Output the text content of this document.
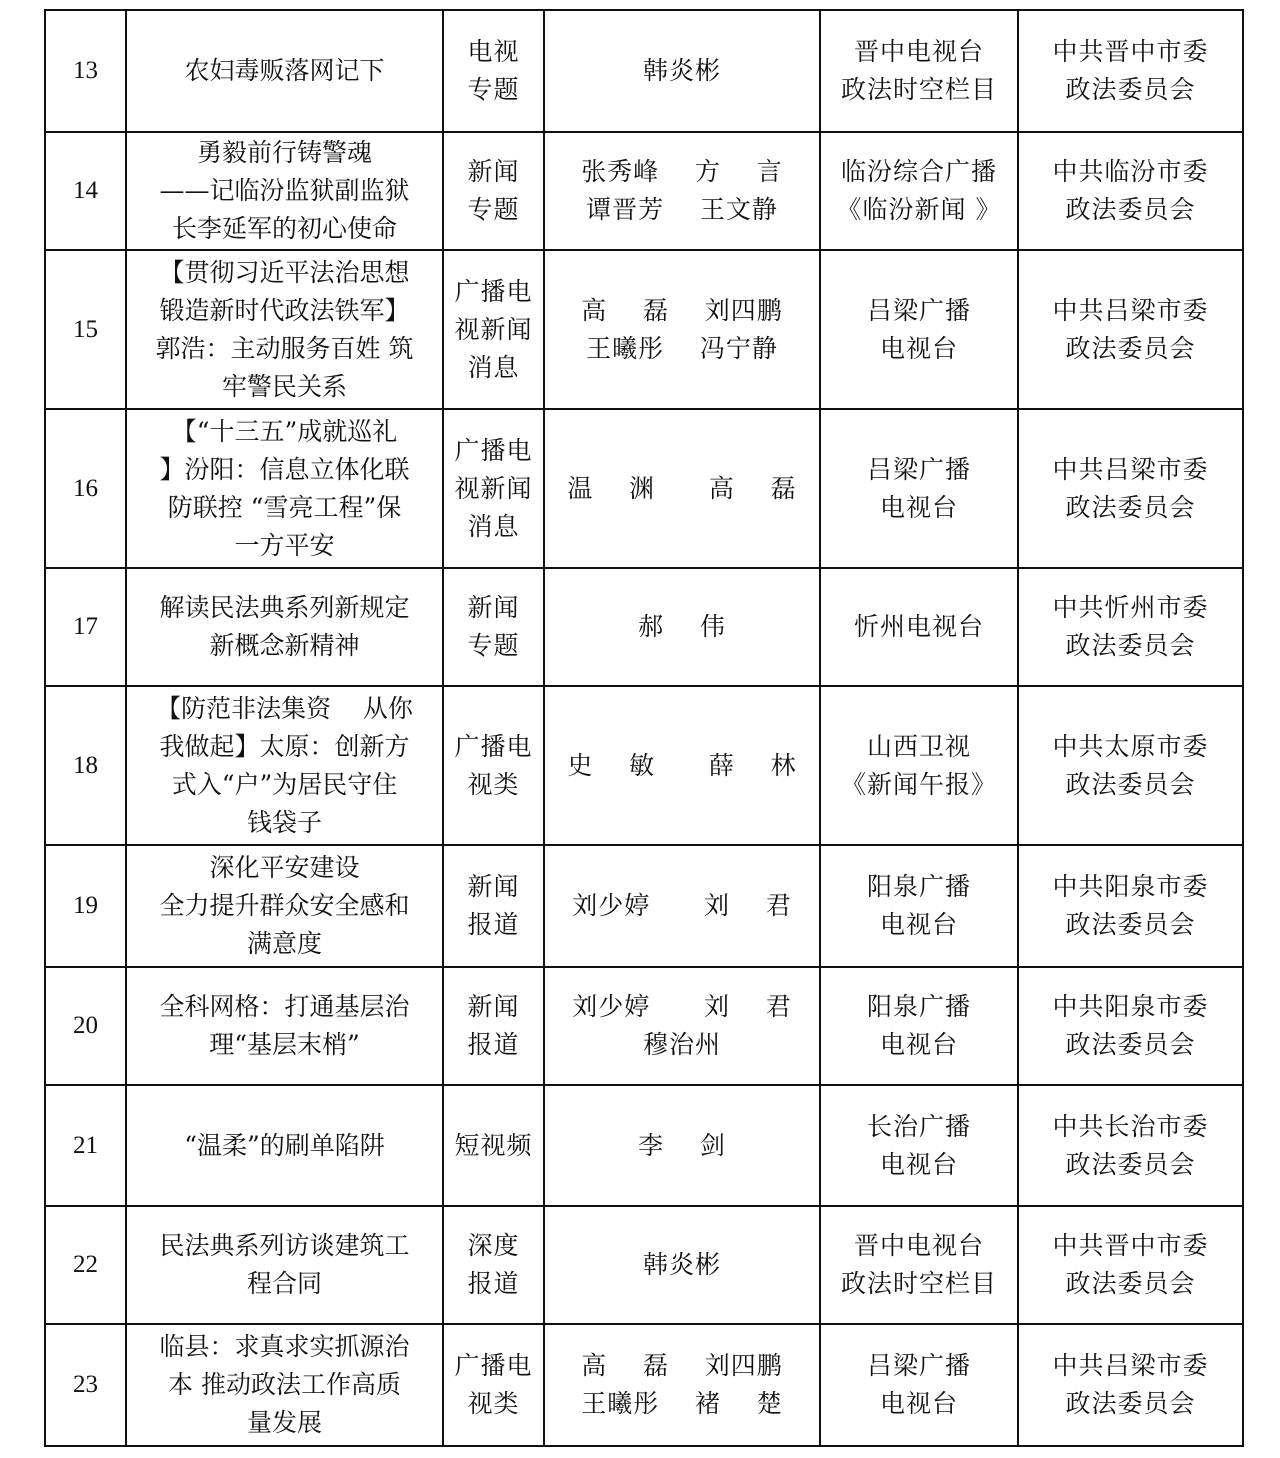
13	农妇毒贩落网记下	电视
专题	韩炎彬	晋中电视台
政法时空栏目	中共晋中市委
政法委员会

14	勇毅前行铸警魂
——记临汾监狱副监狱
长李延军的初心使命	新闻
专题	张秀峰    方    言
谭晋芳    王文静	临汾综合广播
《临汾新闻 》	中共临汾市委
政法委员会

15	【贯彻习近平法治思想
锻造新时代政法铁军】
郭浩：主动服务百姓 筑
牢警民关系	广播电
视新闻
消息	高    磊    刘四鹏
王曦彤    冯宁静	吕梁广播
电视台	中共吕梁市委
政法委员会

16	【“十三五”成就巡礼
】汾阳：信息立体化联
防联控 “雪亮工程”保
一方平安	广播电
视新闻
消息	温    渊      高    磊	吕梁广播
电视台	中共吕梁市委
政法委员会

17	解读民法典系列新规定
新概念新精神	新闻
专题	郝    伟	忻州电视台	中共忻州市委
政法委员会

18	【防范非法集资    从你
我做起】太原：创新方
式入“户”为居民守住
钱袋子	广播电
视类	史    敏      薛    林	山西卫视
《新闻午报》	中共太原市委
政法委员会

19	深化平安建设
全力提升群众安全感和
满意度	新闻
报道	刘少婷      刘    君	阳泉广播
电视台	中共阳泉市委
政法委员会

20	全科网格：打通基层治
理“基层末梢”	新闻
报道	刘少婷      刘    君
穆治州	阳泉广播
电视台	中共阳泉市委
政法委员会

21	“温柔”的刷单陷阱	短视频	李    剑	长治广播
电视台	中共长治市委
政法委员会

22	民法典系列访谈建筑工
程合同	深度
报道	韩炎彬	晋中电视台
政法时空栏目	中共晋中市委
政法委员会

23	临县：求真求实抓源治
本 推动政法工作高质
量发展	广播电
视类	高    磊    刘四鹏
王曦彤    褚    楚	吕梁广播
电视台	中共吕梁市委
政法委员会
